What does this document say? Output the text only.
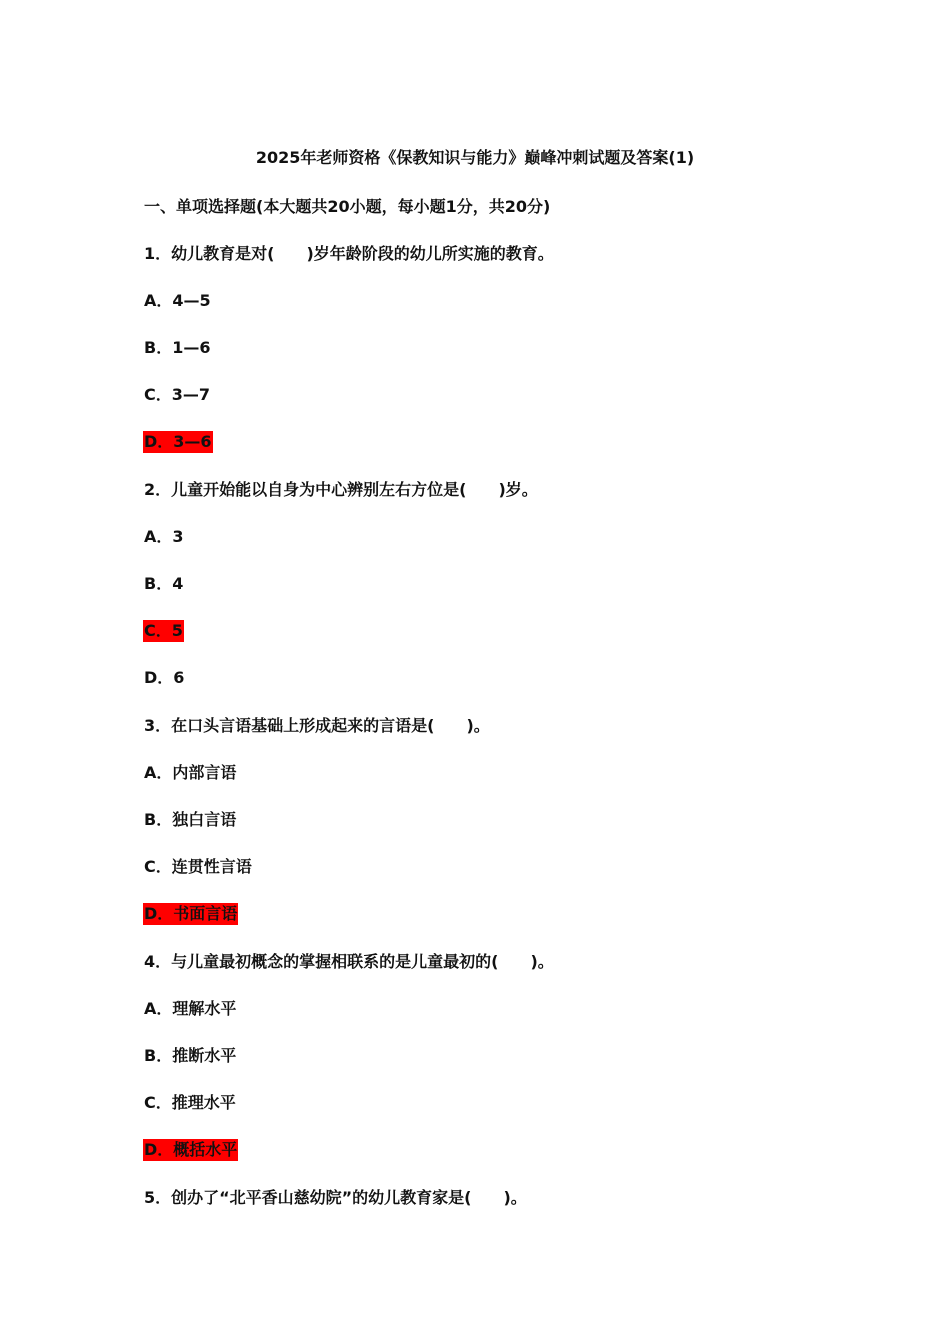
2025年老师资格《保教知识与能力》巅峰冲刺试题及答案(1)
一、单项选择题(本大题共20小题，每小题1分，共20分)
1．幼儿教育是对(　　)岁年龄阶段的幼儿所实施的教育。
A．4—5
B．1—6
C．3—7
D．3—6
2．儿童开始能以自身为中心辨别左右方位是(　　)岁。
A．3
B．4
C．5
D．6
3．在口头言语基础上形成起来的言语是(　　)。
A．内部言语
B．独白言语
C．连贯性言语
D．书面言语
4．与儿童最初概念的掌握相联系的是儿童最初的(　　)。
A．理解水平
B．推断水平
C．推理水平
D．概括水平
5．创办了“北平香山慈幼院”的幼儿教育家是(　　)。
